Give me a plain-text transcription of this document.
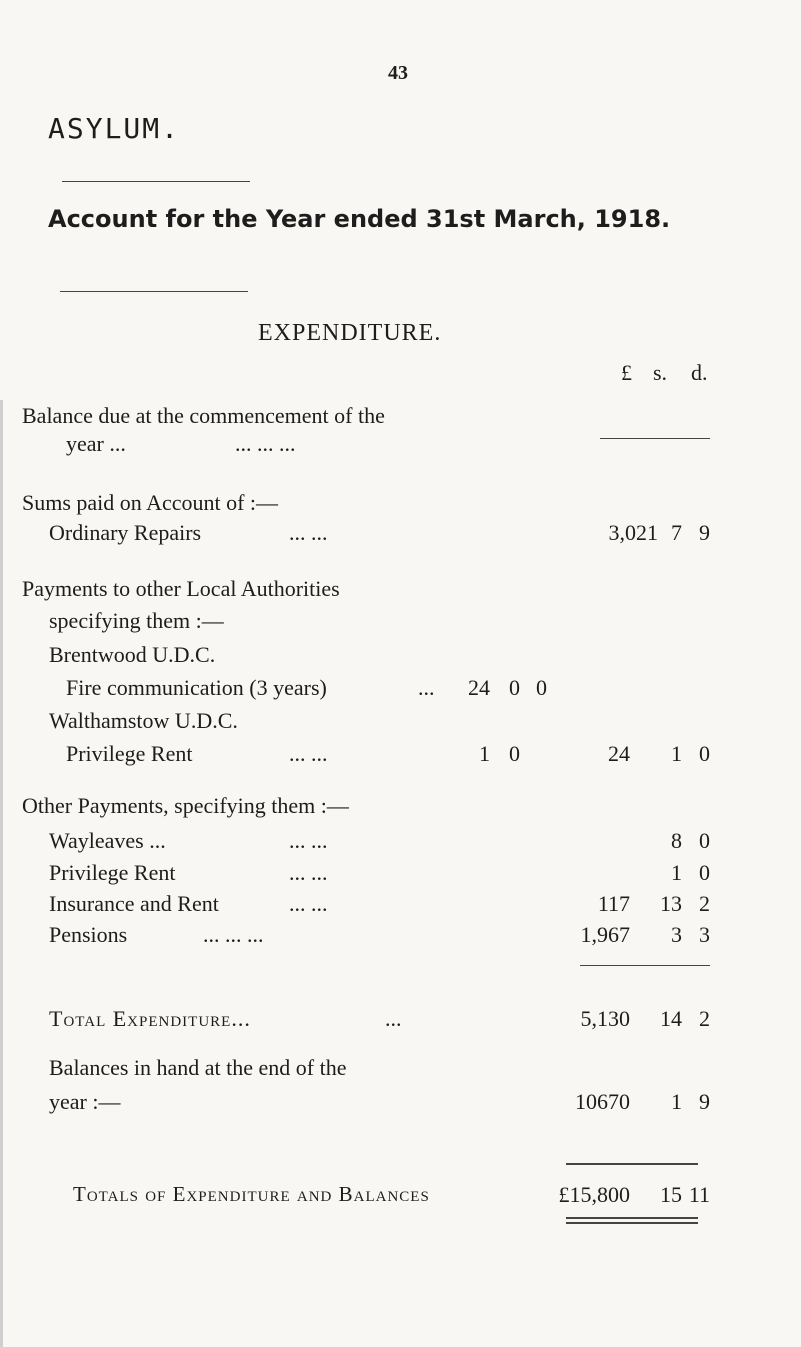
43
ASYLUM.
Account for the Year ended 31st March, 1918.
EXPENDITURE.
£ s. d.
Balance due at the commencement of the
year ...	... ... ...
Sums paid on Account of :—
Ordinary Repairs	... ...	3,021 7 9
Payments to other Local Authorities
specifying them :—
Brentwood U.D.C.
Fire communication (3 years)	...	24 0 0
Walthamstow U.D.C.
Privilege Rent	... ...	1 0	24	1 0
Other Payments, specifying them :—
Wayleaves ...	... ...	8 0
Privilege Rent	... ...	1 0
Insurance and Rent	... ...	117	13 2
Pensions	... ... ...	1,967	3 3
Total Expenditure...	...	5,130	14 2
Balances in hand at the end of the
year :—	10670	1 9
Totals of Expenditure and Balances	£15,800	15 11
